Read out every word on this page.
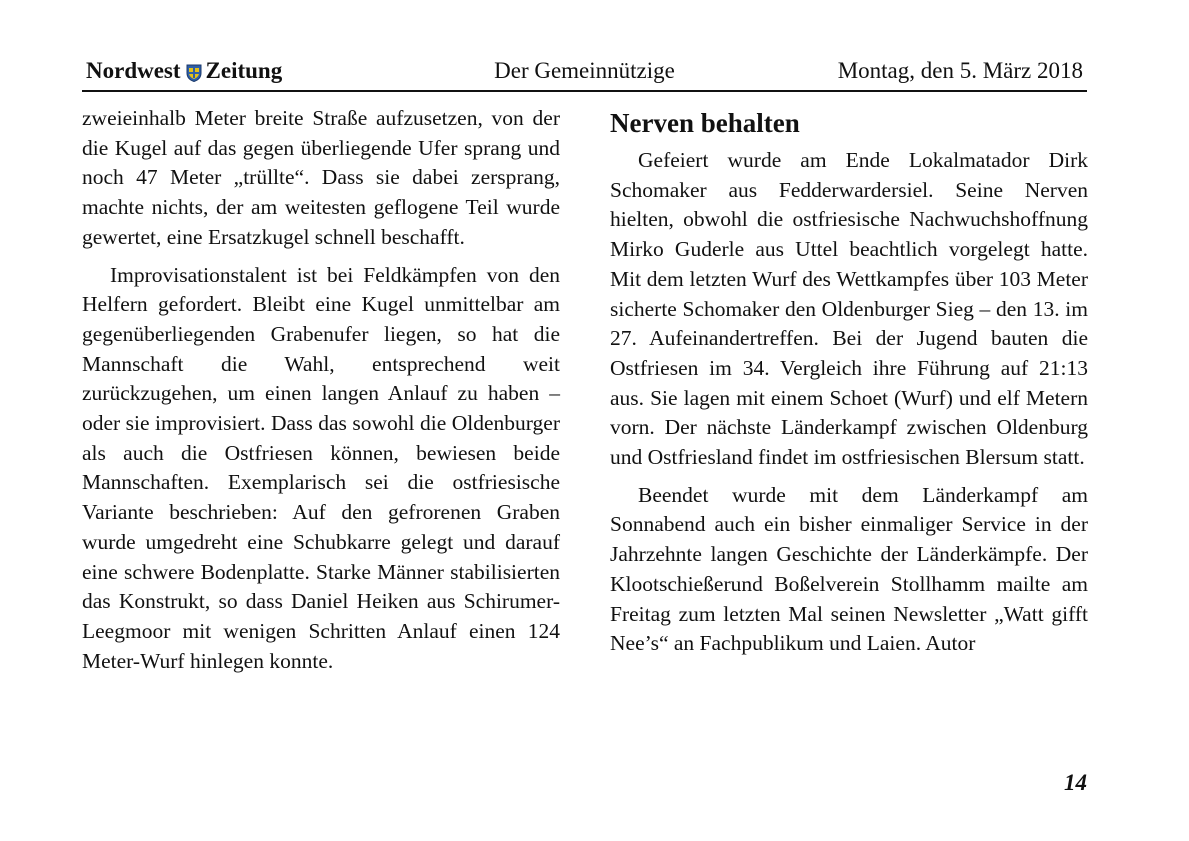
Nordwest Zeitung	Der Gemeinnützige	Montag, den 5. März 2018

zweieinhalb Meter breite Straße aufzusetzen, von der die Kugel auf das gegen überliegende Ufer sprang und noch 47 Meter „trüllte“. Dass sie dabei zersprang, machte nichts, der am weitesten geflogene Teil wurde gewertet, eine Ersatzkugel schnell beschafft.

Improvisationstalent ist bei Feldkämpfen von den Helfern gefordert. Bleibt eine Kugel unmittelbar am gegenüberliegenden Grabenufer liegen, so hat die Mannschaft die Wahl, entsprechend weit zurückzugehen, um einen langen Anlauf zu haben – oder sie improvisiert. Dass das sowohl die Oldenburger als auch die Ostfriesen können, bewiesen beide Mannschaften. Exemplarisch sei die ostfriesische Variante beschrieben: Auf den gefrorenen Graben wurde umgedreht eine Schubkarre gelegt und darauf eine schwere Bodenplatte. Starke Männer stabilisierten das Konstrukt, so dass Daniel Heiken aus Schirumer-Leegmoor mit wenigen Schritten Anlauf einen 124 Meter-Wurf hinlegen konnte.

Nerven behalten

Gefeiert wurde am Ende Lokalmatador Dirk Schomaker aus Fedderwardersiel. Seine Nerven hielten, obwohl die ostfriesische Nachwuchshoffnung Mirko Guderle aus Uttel beachtlich vorgelegt hatte. Mit dem letzten Wurf des Wettkampfes über 103 Meter sicherte Schomaker den Oldenburger Sieg – den 13. im 27. Aufeinandertreffen. Bei der Jugend bauten die Ostfriesen im 34. Vergleich ihre Führung auf 21:13 aus. Sie lagen mit einem Schoet (Wurf) und elf Metern vorn. Der nächste Länderkampf zwischen Oldenburg und Ostfriesland findet im ostfriesischen Blersum statt.

Beendet wurde mit dem Länderkampf am Sonnabend auch ein bisher einmaliger Service in der Jahrzehnte langen Geschichte der Länderkämpfe. Der Klootschießerund Boßelverein Stollhamm mailte am Freitag zum letzten Mal seinen Newsletter „Watt gifft Nee’s“ an Fachpublikum und Laien. Autor

14
